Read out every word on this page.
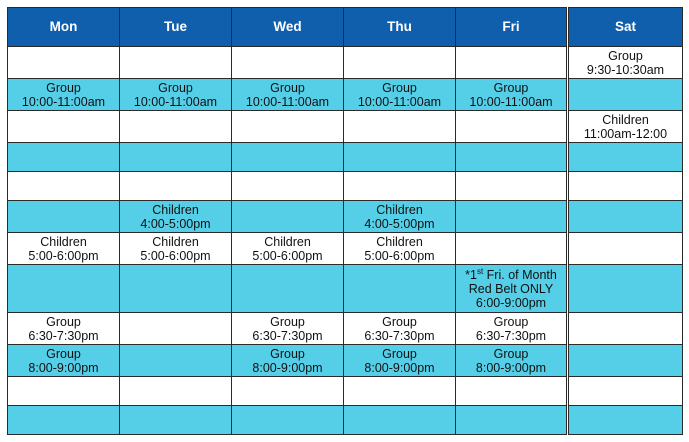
Mon	Tue	Wed	Thu	Fri	Sat

					Group
9:30-10:30am

Group
10:00-11:00am	Group
10:00-11:00am	Group
10:00-11:00am	Group
10:00-11:00am	Group
10:00-11:00am	

					Children
11:00am-12:00

	Children
4:00-5:00pm		Children
4:00-5:00pm		

Children
5:00-6:00pm	Children
5:00-6:00pm	Children
5:00-6:00pm	Children
5:00-6:00pm		

				*1st Fri. of Month
Red Belt ONLY
6:00-9:00pm	

Group
6:30-7:30pm		Group
6:30-7:30pm	Group
6:30-7:30pm	Group
6:30-7:30pm	

Group
8:00-9:00pm		Group
8:00-9:00pm	Group
8:00-9:00pm	Group
8:00-9:00pm	
